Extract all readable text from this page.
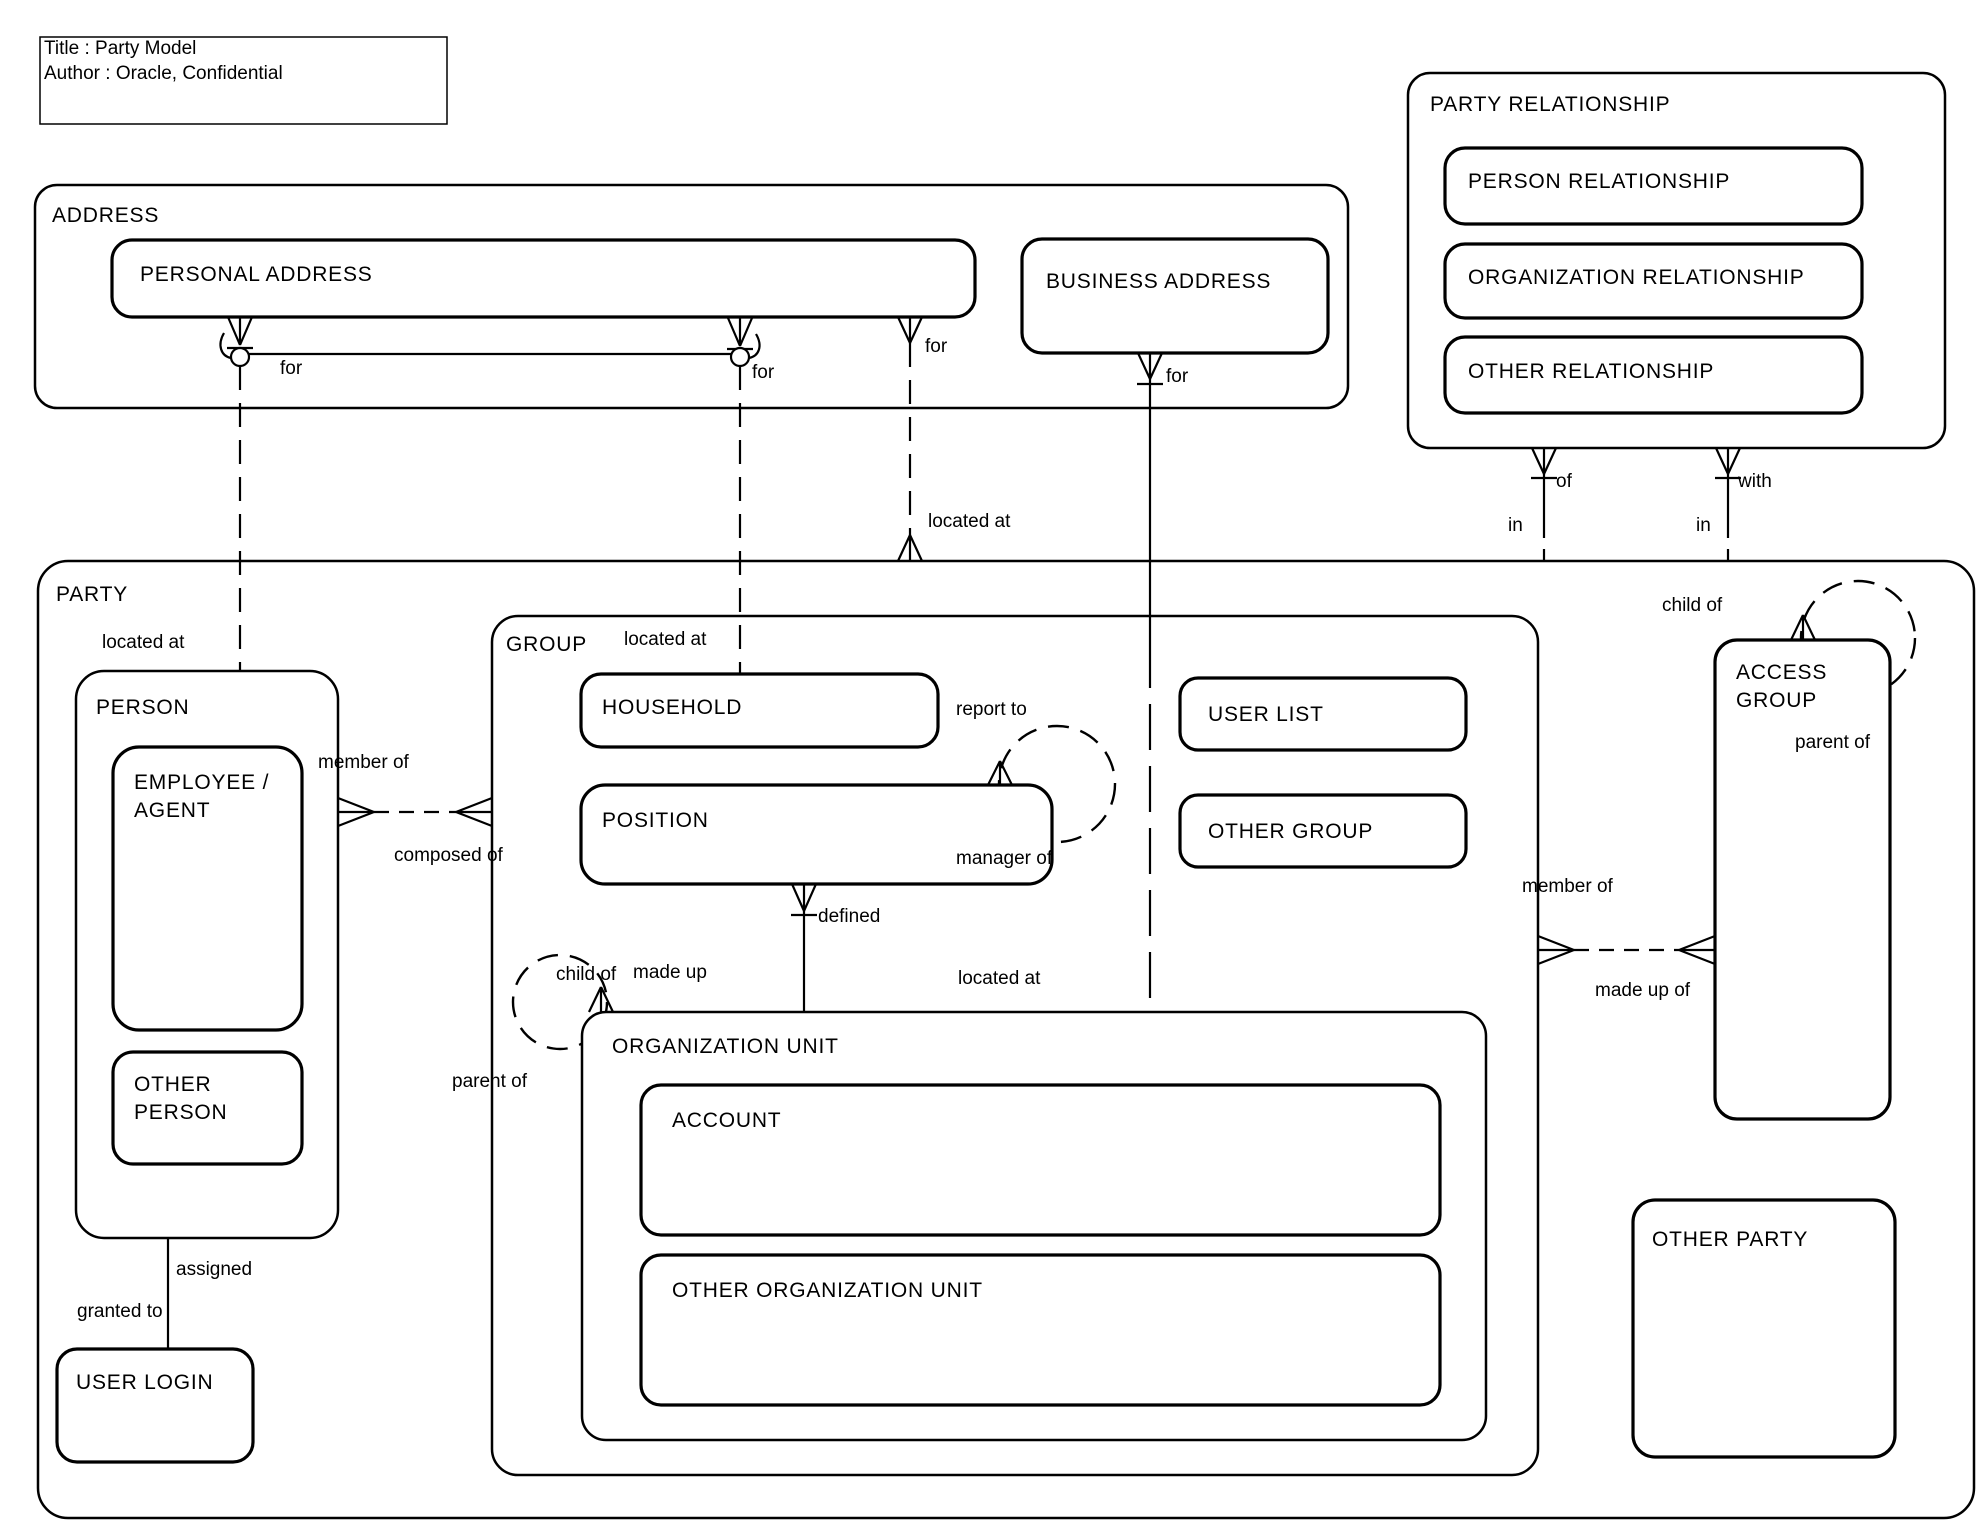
Title : Party Model
Author : Oracle, Confidential
ADDRESS
PARTY RELATIONSHIP
PARTY
GROUP
PERSON
ORGANIZATION UNIT
PERSONAL ADDRESS	BUSINESS ADDRESS
PERSON RELATIONSHIP
ORGANIZATION RELATIONSHIP
OTHER RELATIONSHIP
EMPLOYEE /
AGENT
OTHER
PERSON
USER LOGIN
HOUSEHOLD
POSITION
USER LIST
OTHER GROUP
ACCOUNT
OTHER ORGANIZATION UNIT
ACCESS
GROUP
OTHER PARTY
for	for
for
for
located at	located at
located at
located at
member of
composed of
report to
manager of
defined
made up
child of
parent of
child of
parent of
member of
made up of
of	with
in	in
assigned
granted to
